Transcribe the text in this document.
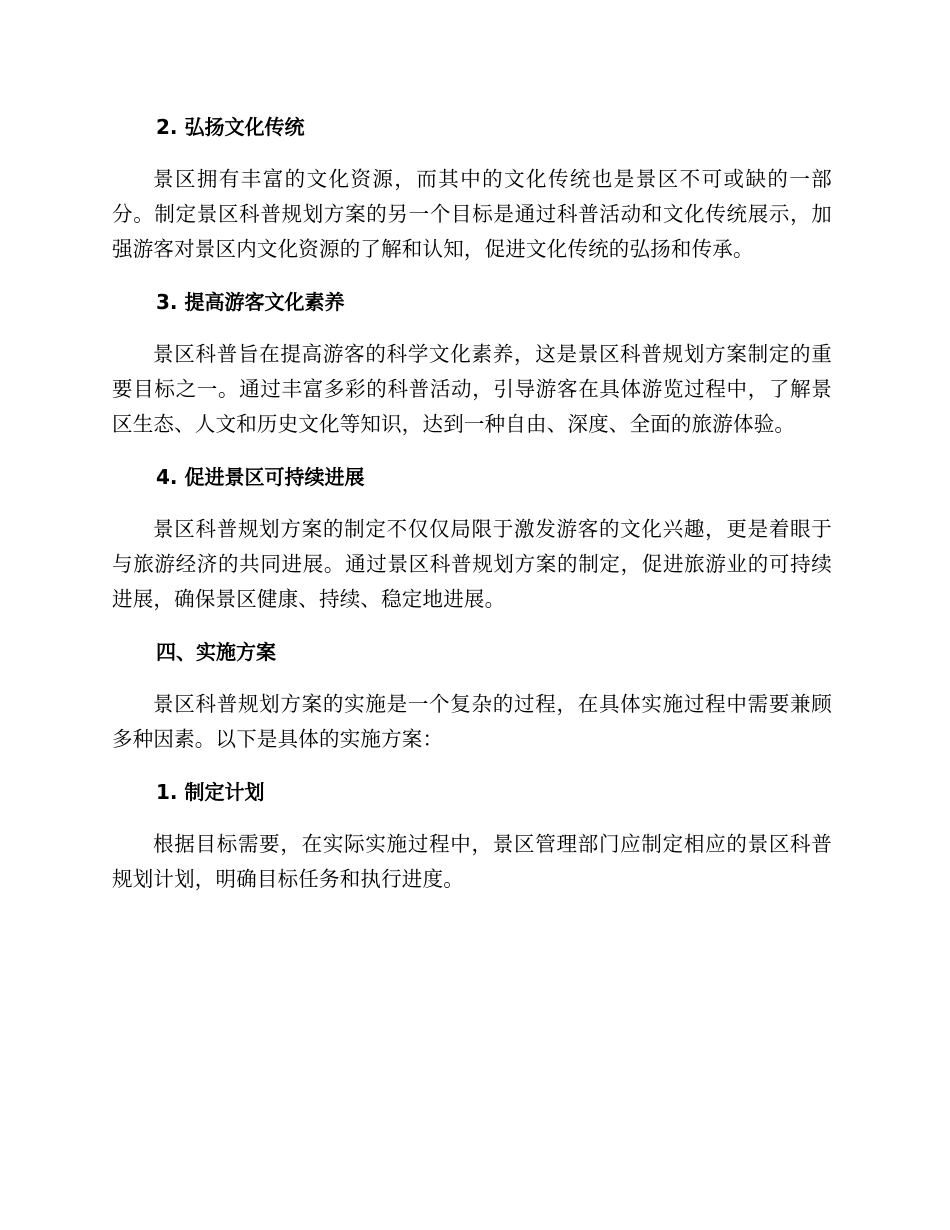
2. 弘扬文化传统
景区拥有丰富的文化资源，而其中的文化传统也是景区不可或缺的一部分。制定景区科普规划方案的另一个目标是通过科普活动和文化传统展示，加强游客对景区内文化资源的了解和认知，促进文化传统的弘扬和传承。
3. 提高游客文化素养
景区科普旨在提高游客的科学文化素养，这是景区科普规划方案制定的重要目标之一。通过丰富多彩的科普活动，引导游客在具体游览过程中，了解景区生态、人文和历史文化等知识，达到一种自由、深度、全面的旅游体验。
4. 促进景区可持续进展
景区科普规划方案的制定不仅仅局限于激发游客的文化兴趣，更是着眼于与旅游经济的共同进展。通过景区科普规划方案的制定，促进旅游业的可持续进展，确保景区健康、持续、稳定地进展。
四、实施方案
景区科普规划方案的实施是一个复杂的过程，在具体实施过程中需要兼顾多种因素。以下是具体的实施方案：
1. 制定计划
根据目标需要，在实际实施过程中，景区管理部门应制定相应的景区科普规划计划，明确目标任务和执行进度。
